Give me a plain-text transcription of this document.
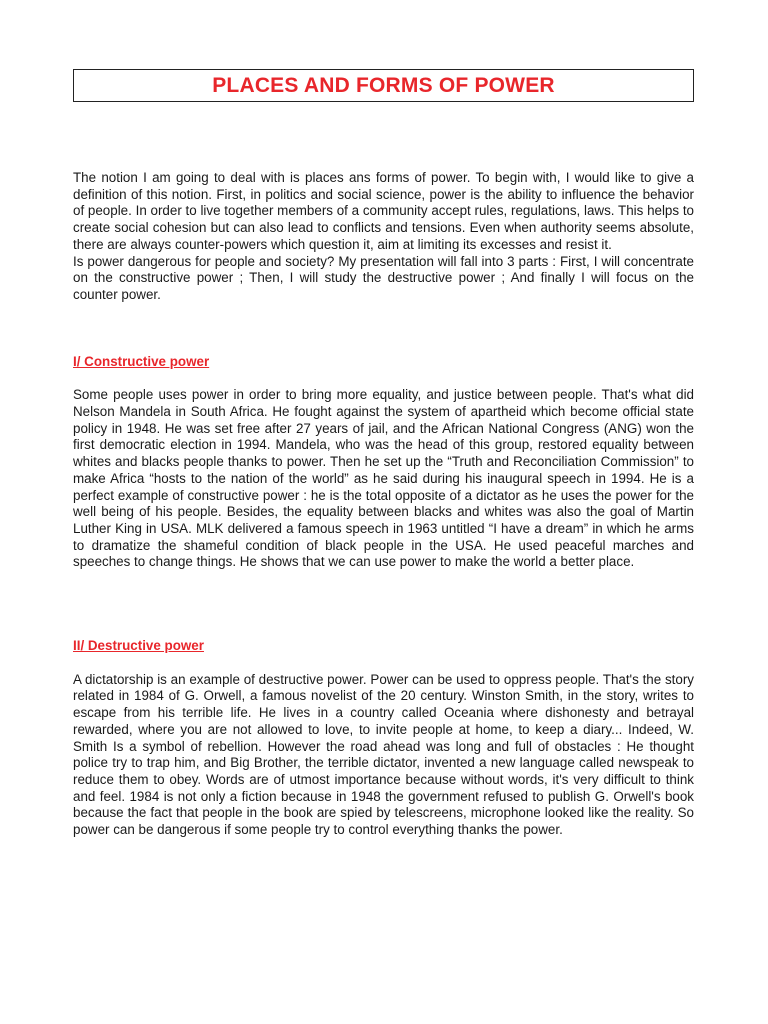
PLACES AND FORMS OF POWER

The notion I am going to deal with is places ans forms of power. To begin with, I would like to give a definition of this notion. First, in politics and social science, power is the ability to influence the behavior of people. In order to live together members of a community accept rules, regulations, laws. This helps to create social cohesion but can also lead to conflicts and tensions. Even when authority seems absolute, there are always counter-powers which question it, aim at limiting its excesses and resist it.

Is power dangerous for people and society? My presentation will fall into 3 parts : First, I will concentrate on the constructive power ; Then, I will study the destructive power ; And finally I will focus on the counter power.

I/ Constructive power

Some people uses power in order to bring more equality, and justice between people. That's what did Nelson Mandela in South Africa. He fought against the system of apartheid which become official state policy in 1948. He was set free after 27 years of jail, and the African National Congress (ANG) won the first democratic election in 1994. Mandela, who was the head of this group, restored equality between whites and blacks people thanks to power. Then he set up the “Truth and Reconciliation Commission” to make Africa “hosts to the nation of the world” as he said during his inaugural speech in 1994. He is a perfect example of constructive power : he is the total opposite of a dictator as he uses the power for the well being of his people. Besides, the equality between blacks and whites was also the goal of Martin Luther King in USA. MLK delivered a famous speech in 1963 untitled “I have a dream” in which he arms to dramatize the shameful condition of black people in the USA. He used peaceful marches and speeches to change things. He shows that we can use power to make the world a better place.

II/ Destructive power

A dictatorship is an example of destructive power. Power can be used to oppress people. That's the story related in 1984 of G. Orwell, a famous novelist of the 20 century. Winston Smith, in the story, writes to escape from his terrible life. He lives in a country called Oceania where dishonesty and betrayal rewarded, where you are not allowed to love, to invite people at home, to keep a diary... Indeed, W. Smith Is a symbol of rebellion. However the road ahead was long and full of obstacles : He thought police try to trap him, and Big Brother, the terrible dictator, invented a new language called newspeak to reduce them to obey. Words are of utmost importance because without words, it's very difficult to think and feel. 1984 is not only a fiction because in 1948 the government refused to publish G. Orwell's book because the fact that people in the book are spied by telescreens, microphone looked like the reality. So power can be dangerous if some people try to control everything thanks the power.
